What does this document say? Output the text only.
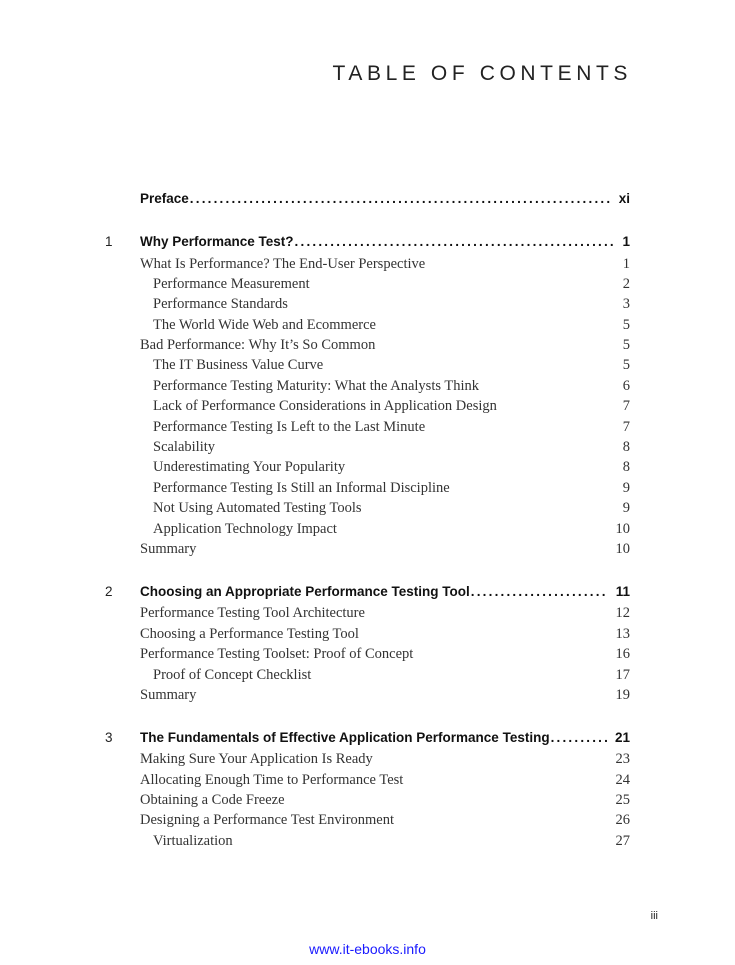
TABLE OF CONTENTS
Preface .....	xi
1 Why Performance Test? .....	1
What Is Performance? The End-User Perspective	1
Performance Measurement	2
Performance Standards	3
The World Wide Web and Ecommerce	5
Bad Performance: Why It’s So Common	5
The IT Business Value Curve	5
Performance Testing Maturity: What the Analysts Think	6
Lack of Performance Considerations in Application Design	7
Performance Testing Is Left to the Last Minute	7
Scalability	8
Underestimating Your Popularity	8
Performance Testing Is Still an Informal Discipline	9
Not Using Automated Testing Tools	9
Application Technology Impact	10
Summary	10
2 Choosing an Appropriate Performance Testing Tool .....	11
Performance Testing Tool Architecture	12
Choosing a Performance Testing Tool	13
Performance Testing Toolset: Proof of Concept	16
Proof of Concept Checklist	17
Summary	19
3 The Fundamentals of Effective Application Performance Testing .....	21
Making Sure Your Application Is Ready	23
Allocating Enough Time to Performance Test	24
Obtaining a Code Freeze	25
Designing a Performance Test Environment	26
Virtualization	27
iii
www.it-ebooks.info
